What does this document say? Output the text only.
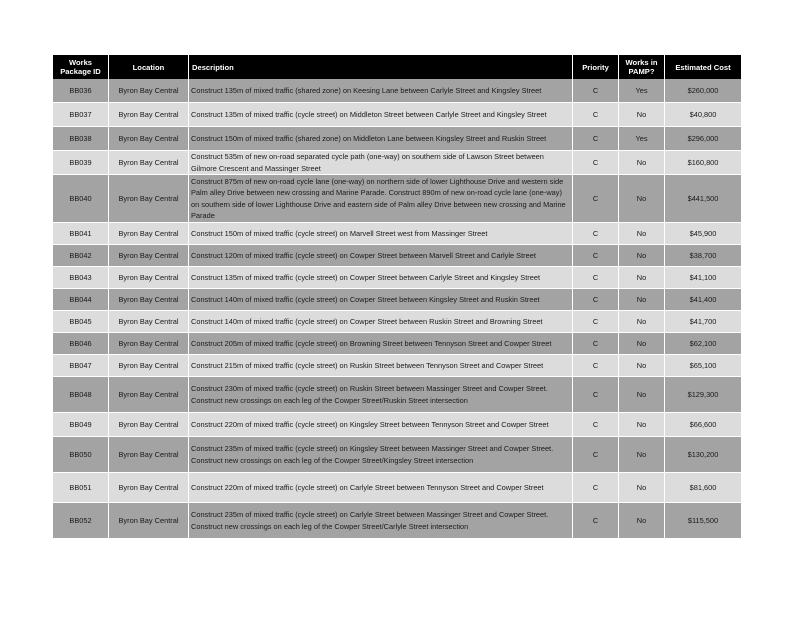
Works Package ID	Location	Description	Priority	Works in PAMP?	Estimated Cost
BB036	Byron Bay Central	Construct 135m of mixed traffic (shared zone) on Keesing Lane between Carlyle Street and Kingsley Street	C	Yes	$260,000
BB037	Byron Bay Central	Construct 135m of mixed traffic (cycle street) on Middleton Street between Carlyle Street and Kingsley Street	C	No	$40,800
BB038	Byron Bay Central	Construct 150m of mixed traffic (shared zone) on Middleton Lane between Kingsley Street and Ruskin Street	C	Yes	$296,000
BB039	Byron Bay Central	Construct 535m of new on-road separated cycle path (one-way) on southern side of Lawson Street between Gilmore Crescent and Massinger Street	C	No	$160,800
BB040	Byron Bay Central	Construct 875m of new on-road cycle lane (one-way) on northern side of lower Lighthouse Drive and western side Palm alley Drive between new crossing and Marine Parade. Construct 890m of new on-road cycle lane (one-way) on southern side of lower Lighthouse Drive and eastern side of Palm alley Drive between new crossing and Marine Parade	C	No	$441,500
BB041	Byron Bay Central	Construct 150m of mixed traffic (cycle street) on Marvell Street west from Massinger Street	C	No	$45,900
BB042	Byron Bay Central	Construct 120m of mixed traffic (cycle street) on Cowper Street between Marvell Street and Carlyle Street	C	No	$38,700
BB043	Byron Bay Central	Construct 135m of mixed traffic (cycle street) on Cowper Street between Carlyle Street and Kingsley Street	C	No	$41,100
BB044	Byron Bay Central	Construct 140m of mixed traffic (cycle street) on Cowper Street between Kingsley Street and Ruskin Street	C	No	$41,400
BB045	Byron Bay Central	Construct 140m of mixed traffic (cycle street) on Cowper Street between Ruskin Street and Browning Street	C	No	$41,700
BB046	Byron Bay Central	Construct 205m of mixed traffic (cycle street) on Browning Street between Tennyson Street and Cowper Street	C	No	$62,100
BB047	Byron Bay Central	Construct 215m of mixed traffic (cycle street) on Ruskin Street between Tennyson Street and Cowper Street	C	No	$65,100
BB048	Byron Bay Central	Construct 230m of mixed traffic (cycle street) on Ruskin Street between Massinger Street and Cowper Street. Construct new crossings on each leg of the Cowper Street/Ruskin Street intersection	C	No	$129,300
BB049	Byron Bay Central	Construct 220m of mixed traffic (cycle street) on Kingsley Street between Tennyson Street and Cowper Street	C	No	$66,600
BB050	Byron Bay Central	Construct 235m of mixed traffic (cycle street) on Kingsley Street between Massinger Street and Cowper Street. Construct new crossings on each leg of the Cowper Street/Kingsley Street intersection	C	No	$130,200
BB051	Byron Bay Central	Construct 220m of mixed traffic (cycle street) on Carlyle Street between Tennyson Street and Cowper Street	C	No	$81,600
BB052	Byron Bay Central	Construct 235m of mixed traffic (cycle street) on Carlyle Street between Massinger Street and Cowper Street. Construct new crossings on each leg of the Cowper Street/Carlyle Street intersection	C	No	$115,500
